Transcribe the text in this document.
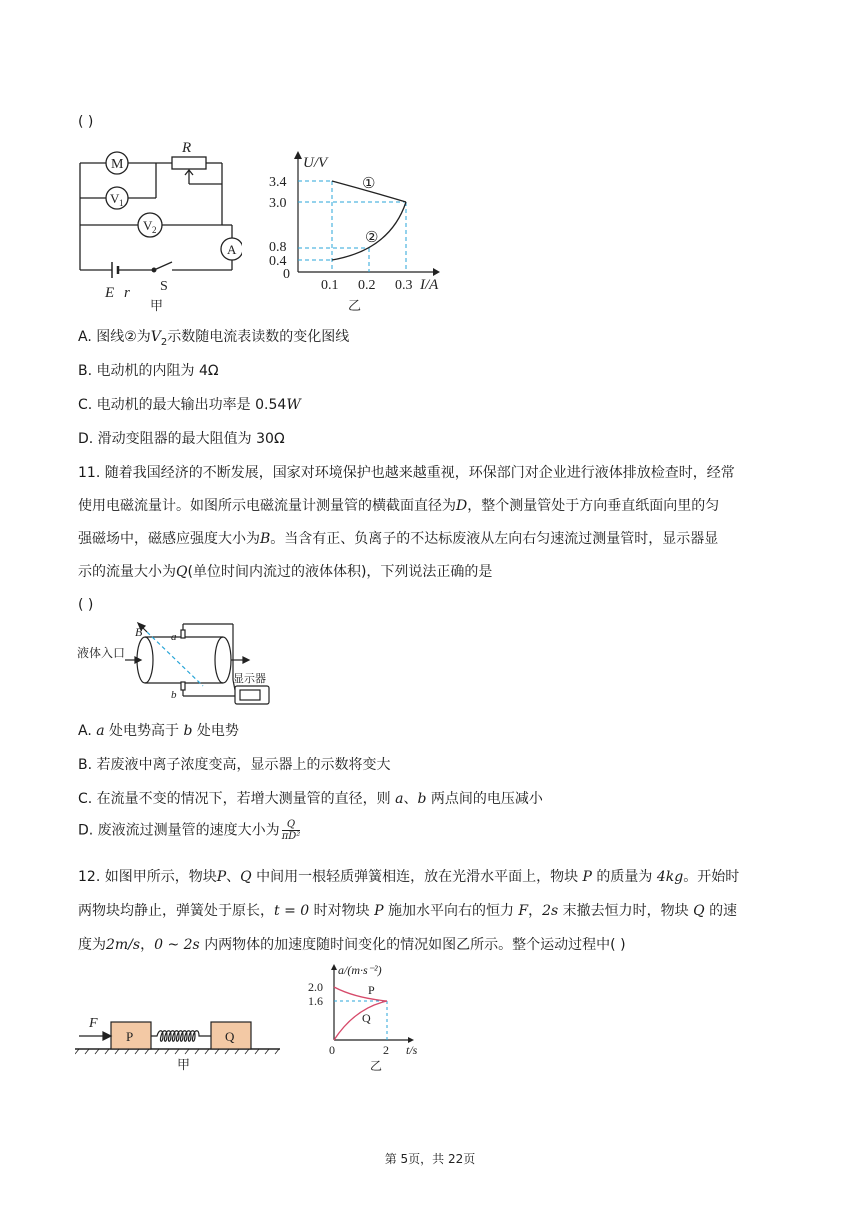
( )
R
M
V 1
V 2
A
E r S
甲
3.4
3.0
0.8
0.4
0
0.1 0.2 0.3 I/A
U/V
①
②
乙
A. 图线②为$V_2$示数随电流表读数的变化图线
B. 电动机的内阻为 4Ω
C. 电动机的最大输出功率是 0.54W
D. 滑动变阻器的最大阻值为 30Ω
11. 随着我国经济的不断发展，国家对环境保护也越来越重视，环保部门对企业进行液体排放检查时，经常
使用电磁流量计。如图所示电磁流量计测量管的横截面直径为D，整个测量管处于方向垂直纸面向里的匀
强磁场中，磁感应强度大小为B。当含有正、负离子的不达标废液从左向右匀速流过测量管时，显示器显
示的流量大小为Q(单位时间内流过的液体体积)，下列说法正确的是
( )
B	a
b
液体入口
显示器
A. a 处电势高于 b 处电势
B. 若废液中离子浓度变高，显示器上的示数将变大
C. 在流量不变的情况下，若增大测量管的直径，则 a、b 两点间的电压减小
D. 废液流过测量管的速度大小为 $\frac{Q}{\text{πD²}}$
12. 如图甲所示，物块P、Q 中间用一根轻质弹簧相连，放在光滑水平面上，物块 P 的质量为 4kg。开始时
两物块均静止，弹簧处于原长，t = 0 时对物块 P 施加水平向右的恒力 F，2s 末撤去恒力时，物块 Q 的速
度为2m/s，0 ~ 2s 内两物体的加速度随时间变化的情况如图乙所示。整个运动过程中( )
F
P	Q
甲
a/(m·s⁻²)
2.0
1.6
0	2 t/s
P
Q
乙
第 5页，共 22页
